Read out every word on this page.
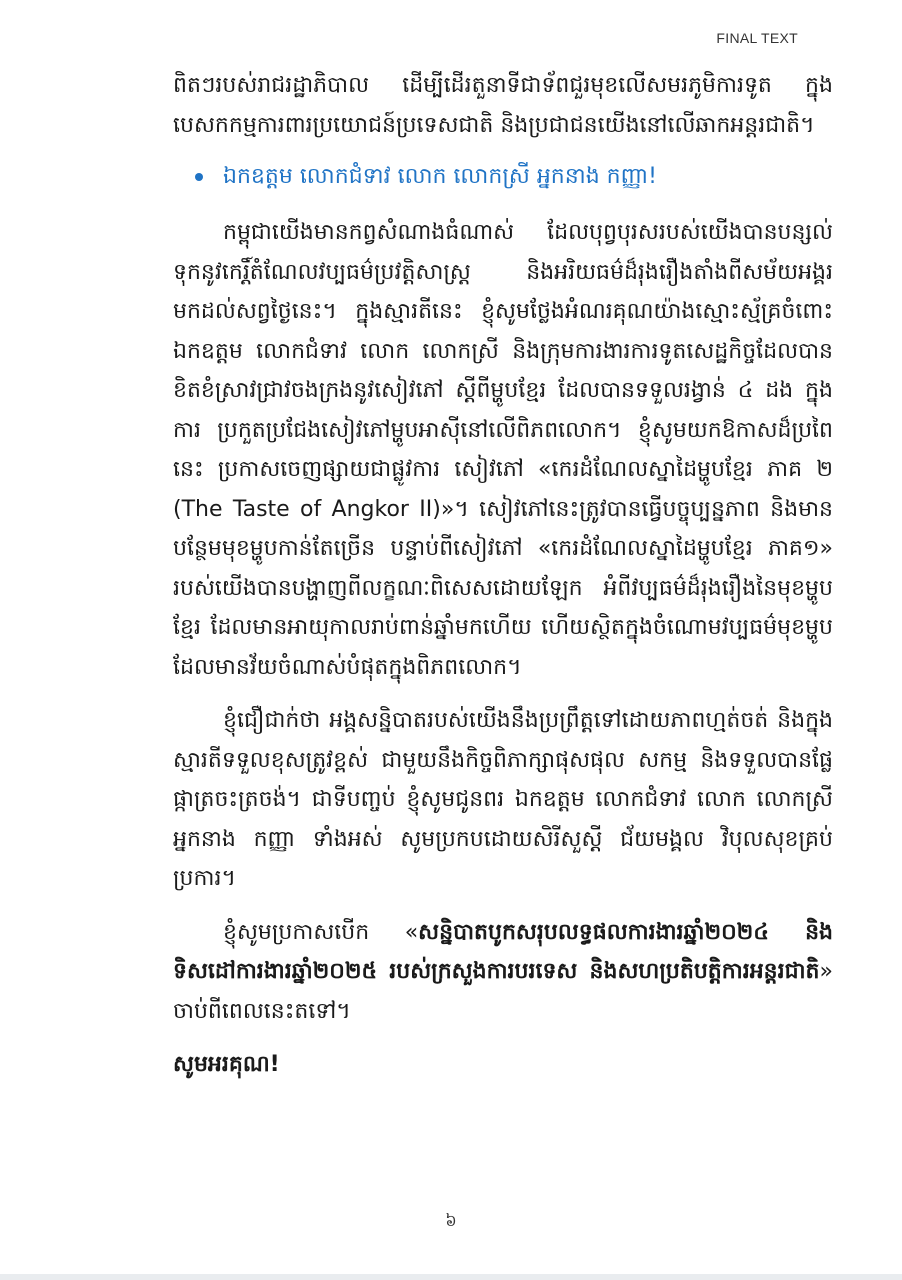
FINAL TEXT

ពិតៗរបស់រាជរដ្ឋាភិបាល ដើម្បីដើរតួនាទីជាទ័ពជួរមុខលើសមរភូមិការទូត ក្នុងបេសកកម្មការពារប្រយោជន៍ប្រទេសជាតិ និងប្រជាជនយើងនៅលើឆាកអន្តរជាតិ។

ឯកឧត្តម លោកជំទាវ លោក លោកស្រី អ្នកនាង កញ្ញា!

កម្ពុជាយើងមានកព្វសំណាងធំណាស់ ដែលបុព្វបុរសរបស់យើងបានបន្សល់ទុកនូវកេរ្តិ៍តំណែលវប្បធម៌ប្រវត្តិសាស្រ្ត និងអរិយធម៌ដ៏រុងរឿងតាំងពីសម័យអង្គរមកដល់សព្វថ្ងៃនេះ។ ក្នុងស្មារតីនេះ ខ្ញុំសូមថ្លែងអំណរគុណយ៉ាងស្មោះស្ម័គ្រចំពោះឯកឧត្តម លោកជំទាវ លោក លោកស្រី និងក្រុមការងារការទូតសេដ្ឋកិច្ចដែលបានខិតខំស្រាវជ្រាវចងក្រងនូវសៀវភៅ ស្តីពីម្ហូបខ្មែរ ដែលបានទទួលរង្វាន់ ៤ ដង ក្នុងការ ប្រកួតប្រជែងសៀវភៅម្ហូបអាស៊ីនៅលើពិភពលោក។ ខ្ញុំសូមយកឱកាសដ៏ប្រពៃនេះ ប្រកាសចេញផ្សាយជាផ្លូវការ សៀវភៅ «កេរដំណែលស្នាដៃម្ហូបខ្មែរ ភាគ ២ (The Taste of Angkor II)»។ សៀវភៅនេះត្រូវបានធ្វើបច្ចុប្បន្នភាព និងមានបន្ថែមមុខម្ហូបកាន់តែច្រើន បន្ទាប់ពីសៀវភៅ «កេរដំណែលស្នាដៃម្ហូបខ្មែរ ភាគ១» របស់យើងបានបង្ហាញពីលក្ខណៈពិសេសដោយឡែក អំពីវប្បធម៌ដ៏រុងរឿងនៃមុខម្ហូបខ្មែរ ដែលមានអាយុកាលរាប់ពាន់ឆ្នាំមកហើយ ហើយស្ថិតក្នុងចំណោមវប្បធម៌មុខម្ហូបដែលមានវ័យចំណាស់បំផុតក្នុងពិភពលោក។

ខ្ញុំជឿជាក់ថា អង្គសន្និបាតរបស់យើងនឹងប្រព្រឹត្តទៅដោយភាពហ្មត់ចត់ និងក្នុងស្មារតីទទួលខុសត្រូវខ្ពស់ ជាមួយនឹងកិច្ចពិភាក្សាផុសផុល សកម្ម និងទទួលបានផ្លែផ្កាត្រចះត្រចង់។ ជាទីបញ្ចប់ ខ្ញុំសូមជូនពរ ឯកឧត្តម លោកជំទាវ លោក លោកស្រី អ្នកនាង កញ្ញា ទាំងអស់ សូមប្រកបដោយសិរីសួស្តី ជ័យមង្គល វិបុលសុខគ្រប់ប្រការ។

ខ្ញុំសូមប្រកាសបើក «សន្និបាតបូកសរុបលទ្ធផលការងារឆ្នាំ២០២៤ និងទិសដៅការងារឆ្នាំ២០២៥ របស់ក្រសួងការបរទេស និងសហប្រតិបត្តិការអន្តរជាតិ» ចាប់ពីពេលនេះតទៅ។

សូមអរគុណ!
៦
